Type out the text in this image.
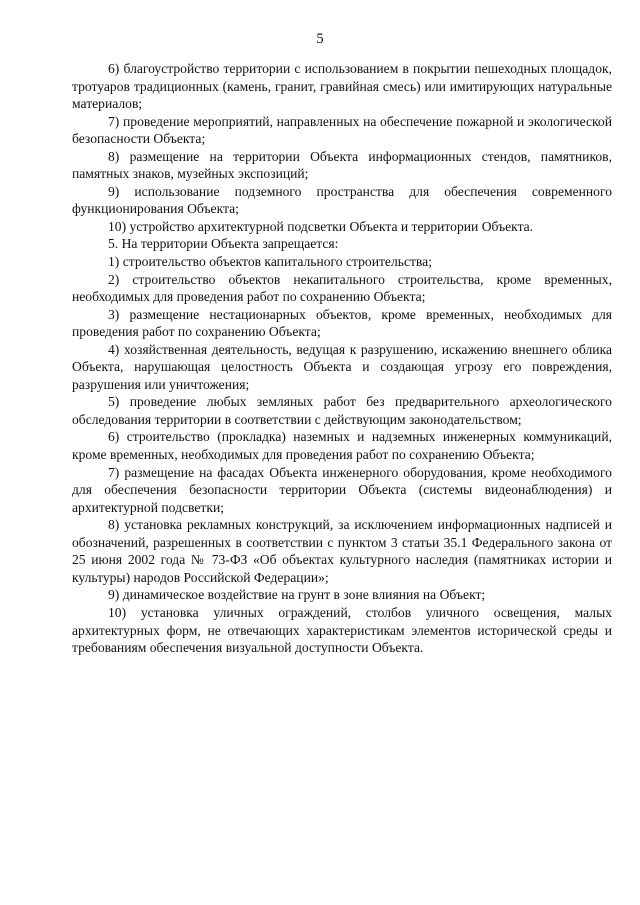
5

6) благоустройство территории с использованием в покрытии пешеходных площадок, тротуаров традиционных (камень, гранит, гравийная смесь) или имитирующих натуральные материалов;

7) проведение мероприятий, направленных на обеспечение пожарной и экологической безопасности Объекта;

8) размещение на территории Объекта информационных стендов, памятников, памятных знаков, музейных экспозиций;

9) использование подземного пространства для обеспечения современного функционирования Объекта;

10) устройство архитектурной подсветки Объекта и территории Объекта.

5. На территории Объекта запрещается:

1) строительство объектов капитального строительства;

2) строительство объектов некапитального строительства, кроме временных, необходимых для проведения работ по сохранению Объекта;

3) размещение нестационарных объектов, кроме временных, необходимых для проведения работ по сохранению Объекта;

4) хозяйственная деятельность, ведущая к разрушению, искажению внешнего облика Объекта, нарушающая целостность Объекта и создающая угрозу его повреждения, разрушения или уничтожения;

5) проведение любых земляных работ без предварительного археологического обследования территории в соответствии с действующим законодательством;

6) строительство (прокладка) наземных и надземных инженерных коммуникаций, кроме временных, необходимых для проведения работ по сохранению Объекта;

7) размещение на фасадах Объекта инженерного оборудования, кроме необходимого для обеспечения безопасности территории Объекта (системы видеонаблюдения) и архитектурной подсветки;

8) установка рекламных конструкций, за исключением информационных надписей и обозначений, разрешенных в соответствии с пунктом 3 статьи 35.1 Федерального закона от 25 июня 2002 года № 73-ФЗ «Об объектах культурного наследия (памятниках истории и культуры) народов Российской Федерации»;

9) динамическое воздействие на грунт в зоне влияния на Объект;

10) установка уличных ограждений, столбов уличного освещения, малых архитектурных форм, не отвечающих характеристикам элементов исторической среды и требованиям обеспечения визуальной доступности Объекта.
